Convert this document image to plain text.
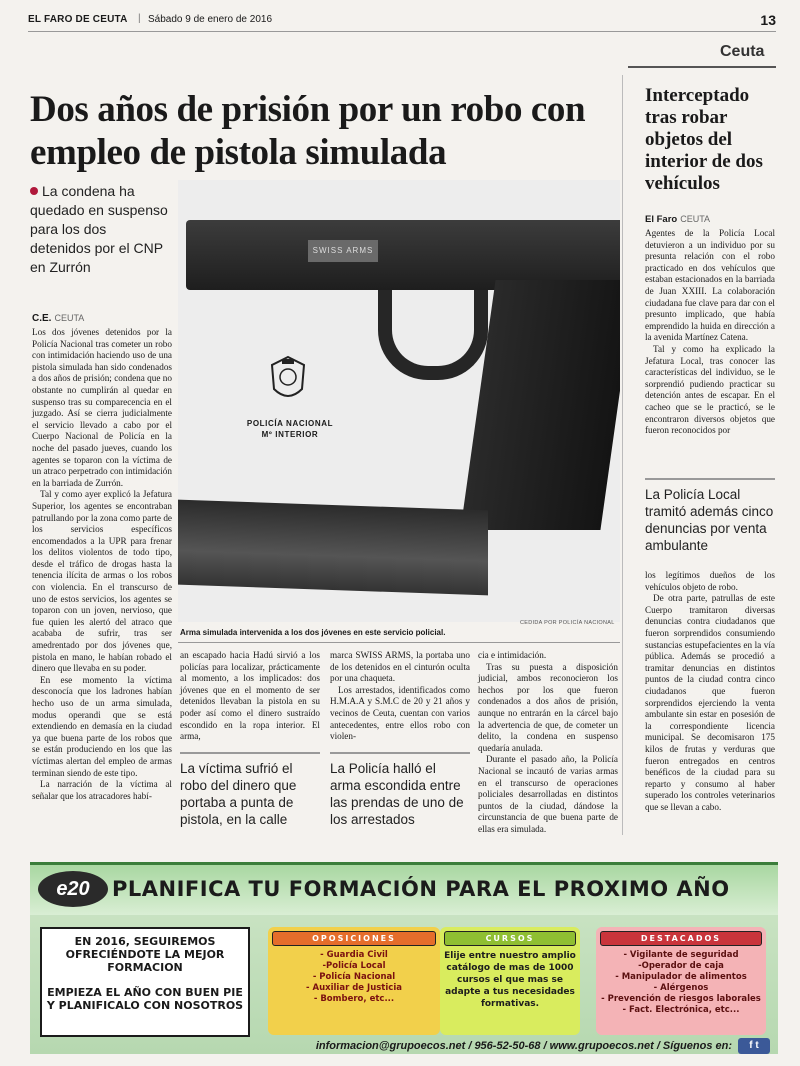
EL FARO DE CEUTA | Sábado 9 de enero de 2016	13
Ceuta
Dos años de prisión por un robo con empleo de pistola simulada
La condena ha quedado en suspenso para los dos detenidos por el CNP en Zurrón
C.E. CEUTA

Los dos jóvenes detenidos por la Policía Nacional tras cometer un robo con intimidación haciendo uso de una pistola simulada han sido condenados a dos años de prisión; condena que no obstante no cumplirán al quedar en suspenso tras su comparecencia en el juzgado. Así se cierra judicialmente el servicio llevado a cabo por el Cuerpo Nacional de Policía en la noche del pasado jueves, cuando los agentes se toparon con la víctima de un atraco perpetrado con intimidación en la barriada de Zurrón.

Tal y como ayer explicó la Jefatura Superior, los agentes se encontraban patrullando por la zona como parte de los servicios específicos encomendados a la UPR para frenar los delitos violentos de todo tipo, desde el tráfico de drogas hasta la tenencia ilícita de armas o los robos con violencia. En el transcurso de uno de estos servicios, los agentes se toparon con un joven, nervioso, que fue quien les alertó del atraco que acababa de sufrir, tras ser amedrentado por dos jóvenes que, pistola en mano, le habían robado el dinero que llevaba en su poder.

En ese momento la víctima desconocía que los ladrones habían hecho uso de un arma simulada, modus operandi que se está extendiendo en demasía en la ciudad ya que buena parte de los robos que se están produciendo en los que las víctimas alertan del empleo de armas terminan siendo de este tipo.

La narración de la víctima al señalar que los atracadores habí-

SWISS ARMS
POLICÍA NACIONAL
Mº INTERIOR
CEDIDA POR POLICÍA NACIONAL
Arma simulada intervenida a los dos jóvenes en este servicio policial.

an escapado hacia Hadú sirvió a los policías para localizar, prácticamente al momento, a los implicados: dos jóvenes que en el momento de ser detenidos llevaban la pistola en su poder así como el dinero sustraído escondido en la ropa interior. El arma,

La víctima sufrió el robo del dinero que portaba a punta de pistola, en la calle

marca SWISS ARMS, la portaba uno de los detenidos en el cinturón oculta por una chaqueta.

Los arrestados, identificados como H.M.A.A y S.M.C de 20 y 21 años y vecinos de Ceuta, cuentan con varios antecedentes, entre ellos robo con violen-

La Policía halló el arma escondida entre las prendas de uno de los arrestados

cia e intimidación.

Tras su puesta a disposición judicial, ambos reconocieron los hechos por los que fueron condenados a dos años de prisión, aunque no entrarán en la cárcel bajo la advertencia de que, de cometer un delito, la condena en suspenso quedaría anulada.

Durante el pasado año, la Policía Nacional se incautó de varias armas en el transcurso de operaciones policiales desarrolladas en distintos puntos de la ciudad, dándose la circunstancia de que buena parte de ellas era simulada.

Interceptado tras robar objetos del interior de dos vehículos
El Faro CEUTA

Agentes de la Policía Local detuvieron a un individuo por su presunta relación con el robo practicado en dos vehículos que estaban estacionados en la barriada de Juan XXIII. La colaboración ciudadana fue clave para dar con el presunto implicado, que había emprendido la huida en dirección a la avenida Martínez Catena.

Tal y como ha explicado la Jefatura Local, tras conocer las características del individuo, se le sorprendió pudiendo practicar su detención antes de escapar. En el cacheo que se le practicó, se le encontraron diversos objetos que fueron reconocidos por

La Policía Local tramitó además cinco denuncias por venta ambulante

los legítimos dueños de los vehículos objeto de robo.

De otra parte, patrullas de este Cuerpo tramitaron diversas denuncias contra ciudadanos que fueron sorprendidos consumiendo sustancias estupefacientes en la vía pública. Además se procedió a tramitar denuncias en distintos puntos de la ciudad contra cinco ciudadanos que fueron sorprendidos ejerciendo la venta ambulante sin estar en posesión de la correspondiente licencia municipal. Se decomisaron 175 kilos de frutas y verduras que fueron entregados en centros benéficos de la ciudad para su reparto y consumo al haber superado los controles veterinarios que se llevan a cabo.

e20	PLANIFICA TU FORMACIÓN PARA EL PROXIMO AÑO
EN 2016, SEGUIREMOS OFRECIÉNDOTE LA MEJOR FORMACION
EMPIEZA EL AÑO CON BUEN PIE Y PLANIFICALO CON NOSOTROS
OPOSICIONES
- Guardia Civil
-Policía Local
- Policía Nacional
- Auxiliar de Justicia
- Bombero, etc...
CURSOS
Elije entre nuestro amplio catálogo de mas de 1000 cursos el que mas se adapte a tus necesidades formativas.
DESTACADOS
- Vigilante de seguridad
-Operador de caja
- Manipulador de alimentos
- Alérgenos
- Prevención de riesgos laborales
- Fact. Electrónica, etc...
informacion@grupoecos.net / 956-52-50-68 / www.grupoecos.net / Síguenos en:	f t
